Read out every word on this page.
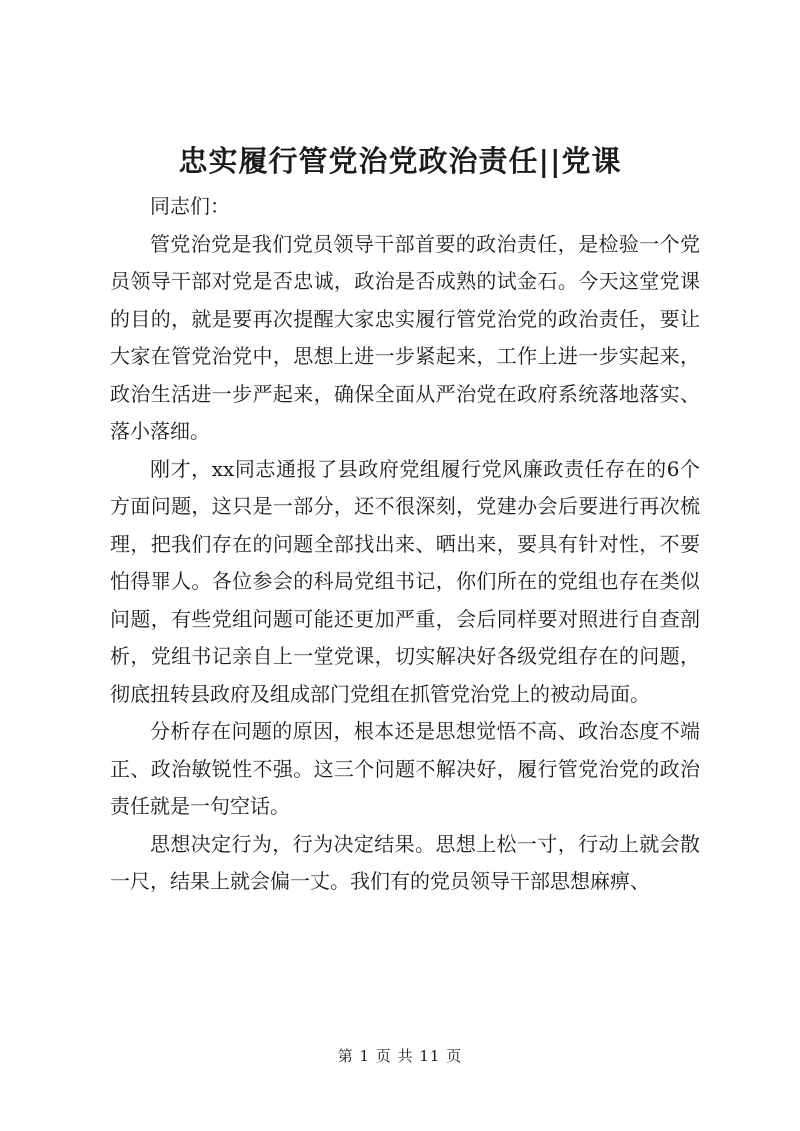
忠实履行管党治党政治责任||党课

同志们：

管党治党是我们党员领导干部首要的政治责任，是检验一个党员领导干部对党是否忠诚，政治是否成熟的试金石。今天这堂党课的目的，就是要再次提醒大家忠实履行管党治党的政治责任，要让大家在管党治党中，思想上进一步紧起来，工作上进一步实起来，政治生活进一步严起来，确保全面从严治党在政府系统落地落实、落小落细。

刚才，xx同志通报了县政府党组履行党风廉政责任存在的6个方面问题，这只是一部分，还不很深刻，党建办会后要进行再次梳理，把我们存在的问题全部找出来、晒出来，要具有针对性，不要怕得罪人。各位参会的科局党组书记，你们所在的党组也存在类似问题，有些党组问题可能还更加严重，会后同样要对照进行自查剖析，党组书记亲自上一堂党课，切实解决好各级党组存在的问题，彻底扭转县政府及组成部门党组在抓管党治党上的被动局面。

分析存在问题的原因，根本还是思想觉悟不高、政治态度不端正、政治敏锐性不强。这三个问题不解决好，履行管党治党的政治责任就是一句空话。

思想决定行为，行为决定结果。思想上松一寸，行动上就会散一尺，结果上就会偏一丈。我们有的党员领导干部思想麻痹、

第 1 页 共 11 页
